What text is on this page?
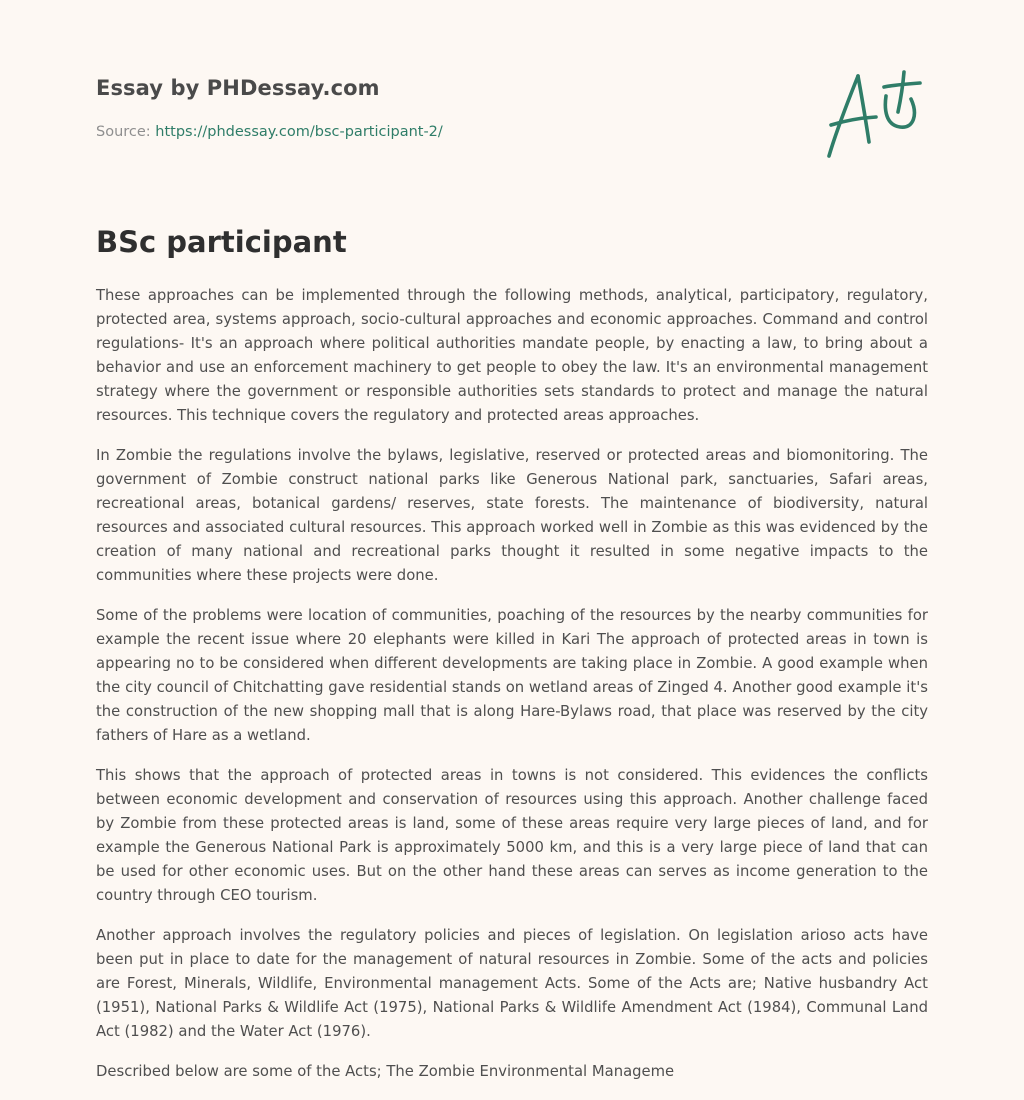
Essay by PHDessay.com
Source: https://phdessay.com/bsc-participant-2/
BSc participant

These approaches can be implemented through the following methods, analytical, participatory, regulatory, protected area, systems approach, socio-cultural approaches and economic approaches. Command and control regulations- It's an approach where political authorities mandate people, by enacting a law, to bring about a behavior and use an enforcement machinery to get people to obey the law. It's an environmental management strategy where the government or responsible authorities sets standards to protect and manage the natural resources. This technique covers the regulatory and protected areas approaches.

In Zombie the regulations involve the bylaws, legislative, reserved or protected areas and biomonitoring. The government of Zombie construct national parks like Generous National park, sanctuaries, Safari areas, recreational areas, botanical gardens/ reserves, state forests. The maintenance of biodiversity, natural resources and associated cultural resources. This approach worked well in Zombie as this was evidenced by the creation of many national and recreational parks thought it resulted in some negative impacts to the communities where these projects were done.

Some of the problems were location of communities, poaching of the resources by the nearby communities for example the recent issue where 20 elephants were killed in Kari The approach of protected areas in town is appearing no to be considered when different developments are taking place in Zombie. A good example when the city council of Chitchatting gave residential stands on wetland areas of Zinged 4. Another good example it's the construction of the new shopping mall that is along Hare-Bylaws road, that place was reserved by the city fathers of Hare as a wetland.

This shows that the approach of protected areas in towns is not considered. This evidences the conflicts between economic development and conservation of resources using this approach. Another challenge faced by Zombie from these protected areas is land, some of these areas require very large pieces of land, and for example the Generous National Park is approximately 5000 km, and this is a very large piece of land that can be used for other economic uses. But on the other hand these areas can serves as income generation to the country through CEO tourism.

Another approach involves the regulatory policies and pieces of legislation. On legislation arioso acts have been put in place to date for the management of natural resources in Zombie. Some of the acts and policies are Forest, Minerals, Wildlife, Environmental management Acts. Some of the Acts are; Native husbandry Act (1951), National Parks & Wildlife Act (1975), National Parks & Wildlife Amendment Act (1984), Communal Land Act (1982) and the Water Act (1976).

Described below are some of the Acts; The Zombie Environmental Manageme
